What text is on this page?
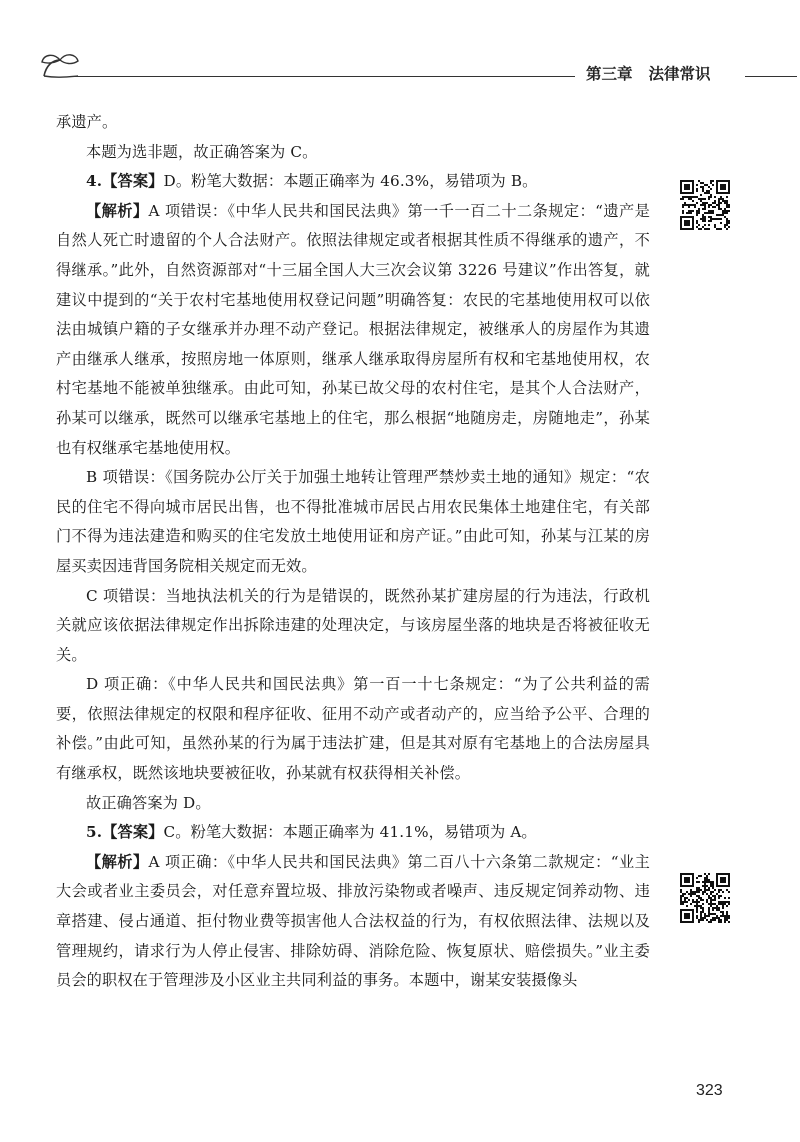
第三章 法律常识

承遗产。

本题为选非题，故正确答案为 C。

4.【答案】D。粉笔大数据：本题正确率为 46.3%，易错项为 B。

【解析】A 项错误：《中华人民共和国民法典》第一千一百二十二条规定：“遗产是自然人死亡时遗留的个人合法财产。依照法律规定或者根据其性质不得继承的遗产，不得继承。”此外，自然资源部对“十三届全国人大三次会议第 3226 号建议”作出答复，就建议中提到的“关于农村宅基地使用权登记问题”明确答复：农民的宅基地使用权可以依法由城镇户籍的子女继承并办理不动产登记。根据法律规定，被继承人的房屋作为其遗产由继承人继承，按照房地一体原则，继承人继承取得房屋所有权和宅基地使用权，农村宅基地不能被单独继承。由此可知，孙某已故父母的农村住宅，是其个人合法财产，孙某可以继承，既然可以继承宅基地上的住宅，那么根据“地随房走，房随地走”，孙某也有权继承宅基地使用权。

B 项错误：《国务院办公厅关于加强土地转让管理严禁炒卖土地的通知》规定：“农民的住宅不得向城市居民出售，也不得批准城市居民占用农民集体土地建住宅，有关部门不得为违法建造和购买的住宅发放土地使用证和房产证。”由此可知，孙某与江某的房屋买卖因违背国务院相关规定而无效。

C 项错误：当地执法机关的行为是错误的，既然孙某扩建房屋的行为违法，行政机关就应该依据法律规定作出拆除违建的处理决定，与该房屋坐落的地块是否将被征收无关。

D 项正确：《中华人民共和国民法典》第一百一十七条规定：“为了公共利益的需要，依照法律规定的权限和程序征收、征用不动产或者动产的，应当给予公平、合理的补偿。”由此可知，虽然孙某的行为属于违法扩建，但是其对原有宅基地上的合法房屋具有继承权，既然该地块要被征收，孙某就有权获得相关补偿。

故正确答案为 D。

5.【答案】C。粉笔大数据：本题正确率为 41.1%，易错项为 A。

【解析】A 项正确：《中华人民共和国民法典》第二百八十六条第二款规定：“业主大会或者业主委员会，对任意弃置垃圾、排放污染物或者噪声、违反规定饲养动物、违章搭建、侵占通道、拒付物业费等损害他人合法权益的行为，有权依照法律、法规以及管理规约，请求行为人停止侵害、排除妨碍、消除危险、恢复原状、赔偿损失。”业主委员会的职权在于管理涉及小区业主共同利益的事务。本题中，谢某安装摄像头

323
